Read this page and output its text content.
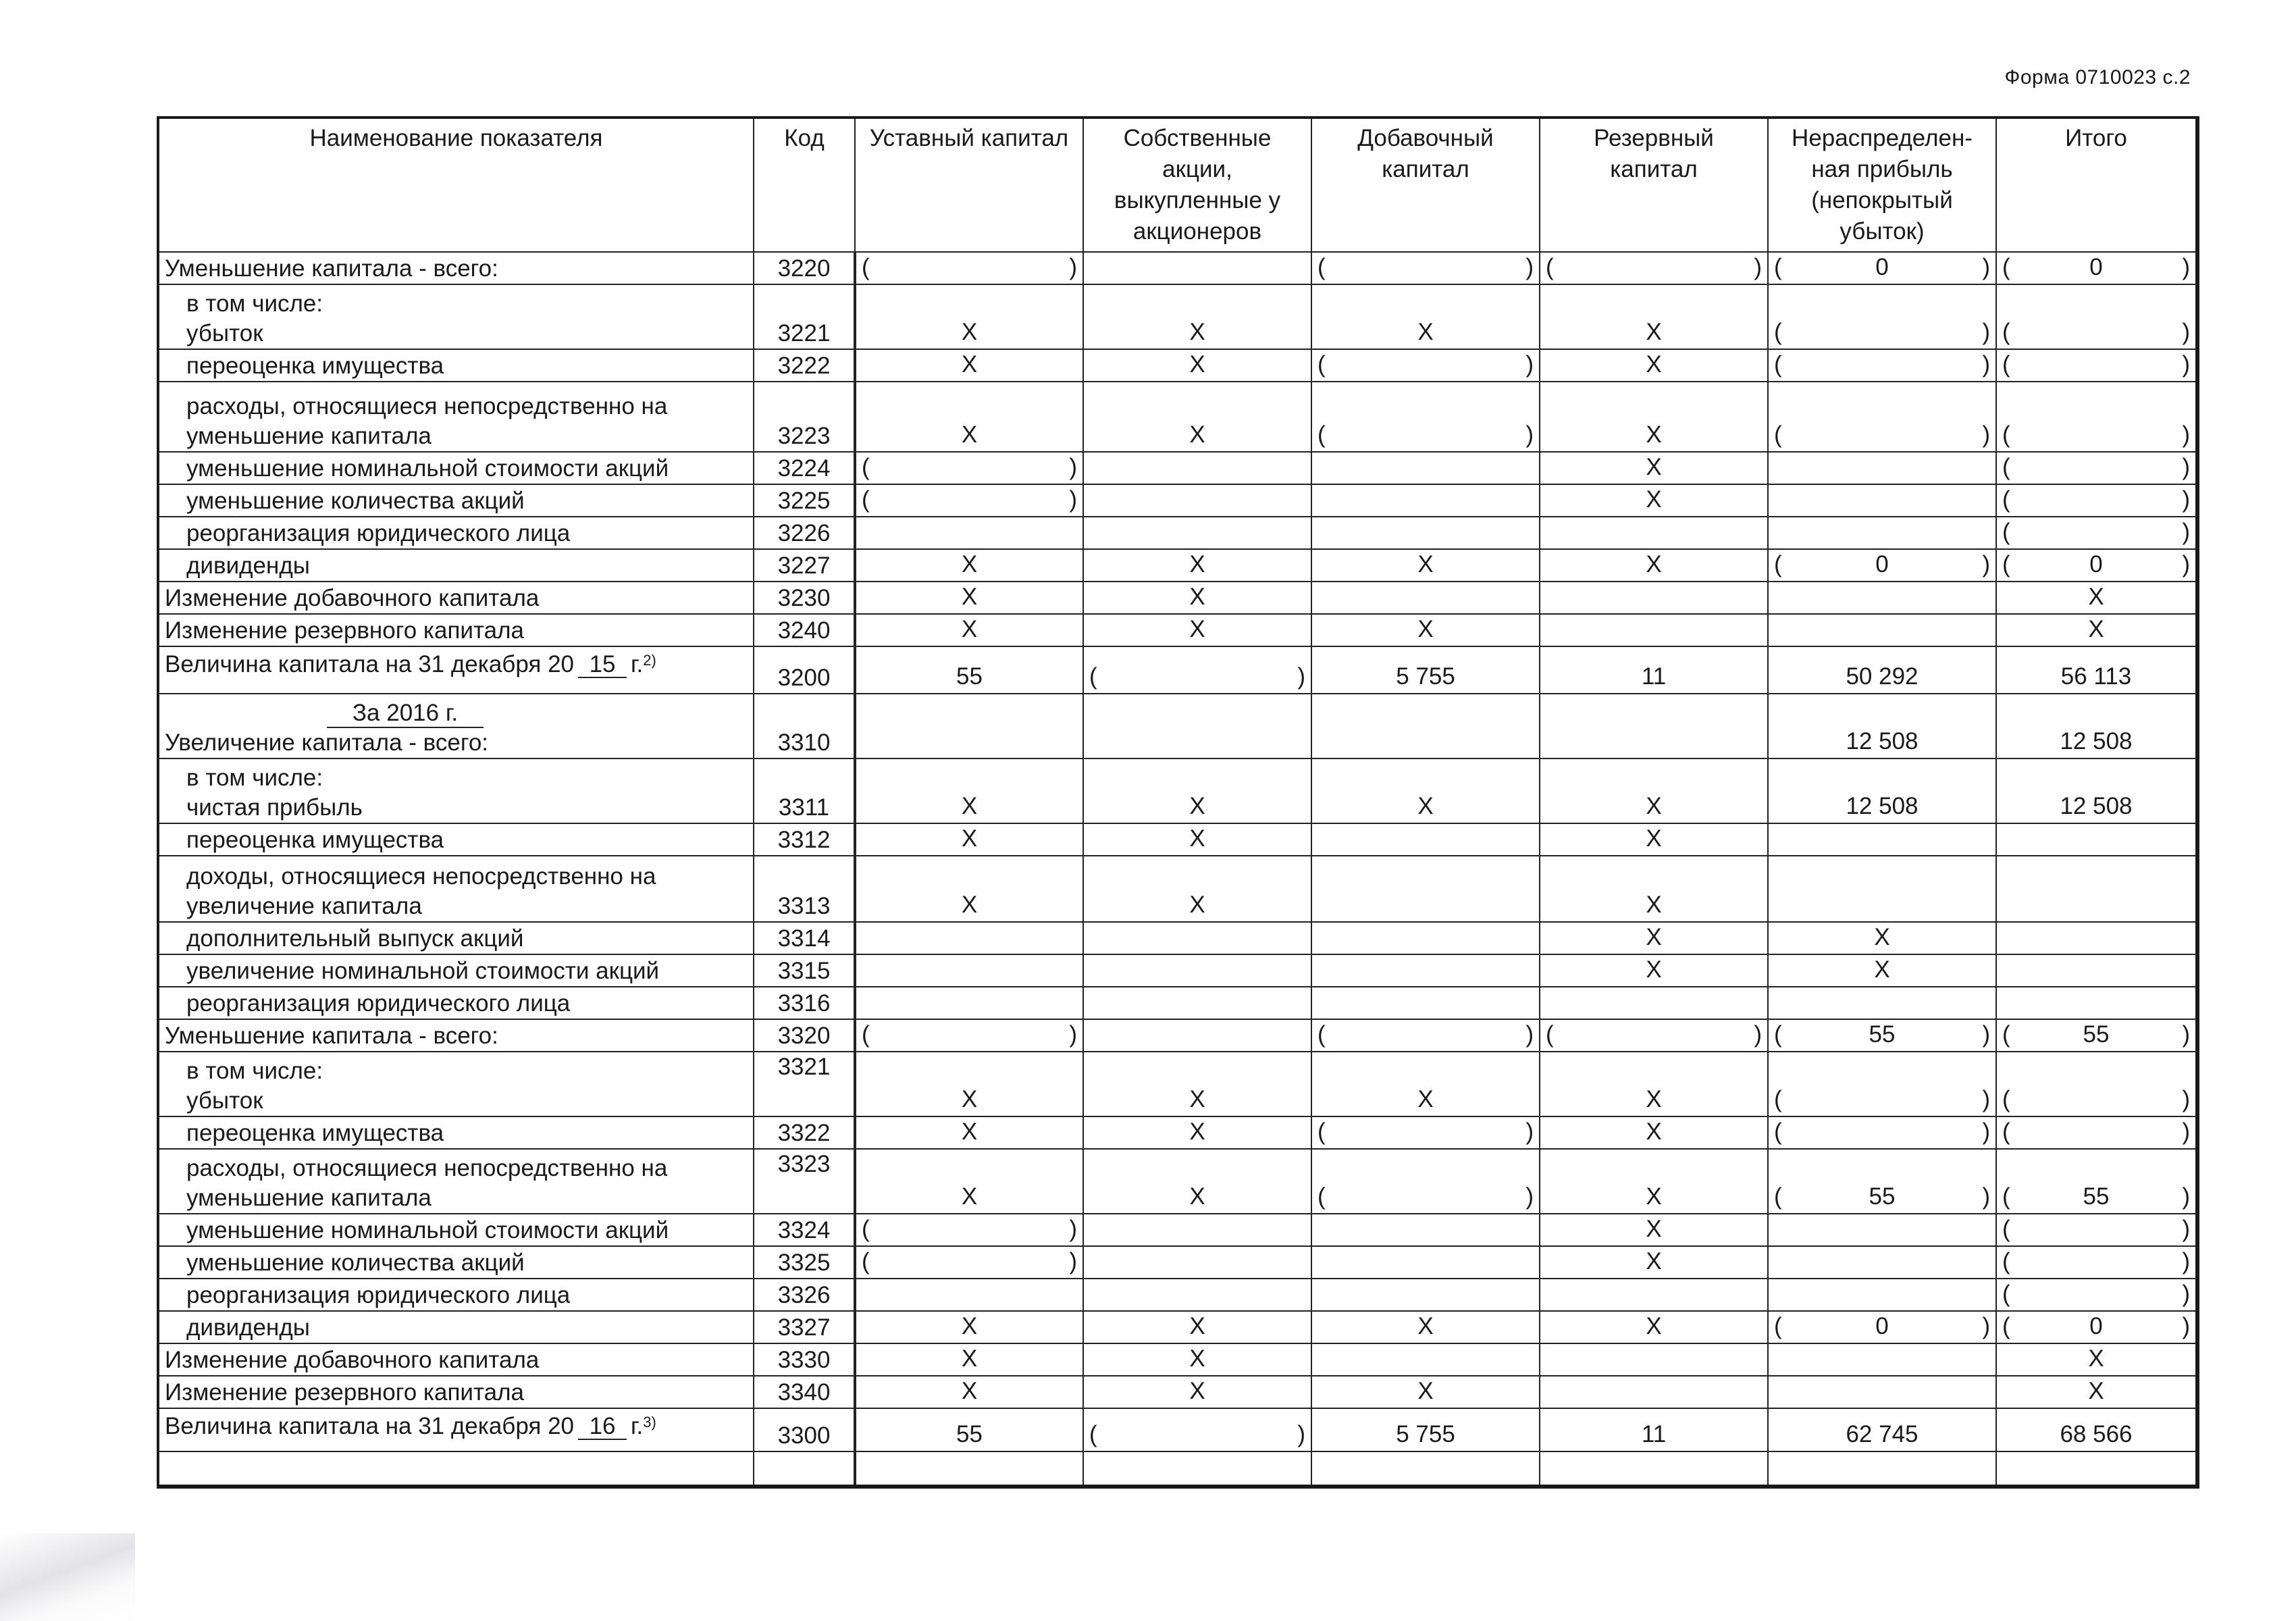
Форма 0710023 с.2
Наименование показателя	Код	Уставный капитал	Собственные
акции,
выкупленные у
акционеров	Добавочный
капитал	Резервный
капитал	Нераспределен-
ная прибыль
(непокрытый
убыток)	Итого
Уменьшение капитала - всего:	3220	( )		( )	( )	( 0 )	( 0 )

в том числе:
убыток	3221	X	X	X	X	( )	( )

переоценка имущества	3222	X	X	( )	X	( )	( )

расходы, относящиеся непосредственно на
уменьшение капитала	3223	X	X	( )	X	( )	( )

уменьшение номинальной стоимости акций	3224	( )			X		( )

уменьшение количества акций	3225	( )			X		( )

реорганизация юридического лица	3226						( )

дивиденды	3227	X	X	X	X	( 0 )	( 0 )

Изменение добавочного капитала	3230	X	X				X
Изменение резервного капитала	3240	X	X	X			X
Величина капитала на 31 декабря 20 15 г.$^{2)}$	3200	55	( )	5 755	11	50 292	56 113

За 2016 г.
Увеличение капитала - всего:	3310					12 508	12 508

в том числе:
чистая прибыль	3311	X	X	X	X	12 508	12 508
переоценка имущества	3312	X	X		X		

доходы, относящиеся непосредственно на
увеличение капитала	3313	X	X		X		
дополнительный выпуск акций	3314				X	X	
увеличение номинальной стоимости акций	3315				X	X	
реорганизация юридического лица	3316						
Уменьшение капитала - всего:	3320	( )		( )	( )	( 55 )	( 55 )

в том числе:
убыток	3321	X	X	X	X	( )	( )

переоценка имущества	3322	X	X	( )	X	( )	( )

расходы, относящиеся непосредственно на
уменьшение капитала	3323	X	X	( )	X	( 55 )	( 55 )

уменьшение номинальной стоимости акций	3324	( )			X		( )

уменьшение количества акций	3325	( )			X		( )

реорганизация юридического лица	3326						( )

дивиденды	3327	X	X	X	X	( 0 )	( 0 )

Изменение добавочного капитала	3330	X	X				X
Изменение резервного капитала	3340	X	X	X			X
Величина капитала на 31 декабря 20 16 г.$^{3)}$	3300	55	( )	5 755	11	62 745	68 566
